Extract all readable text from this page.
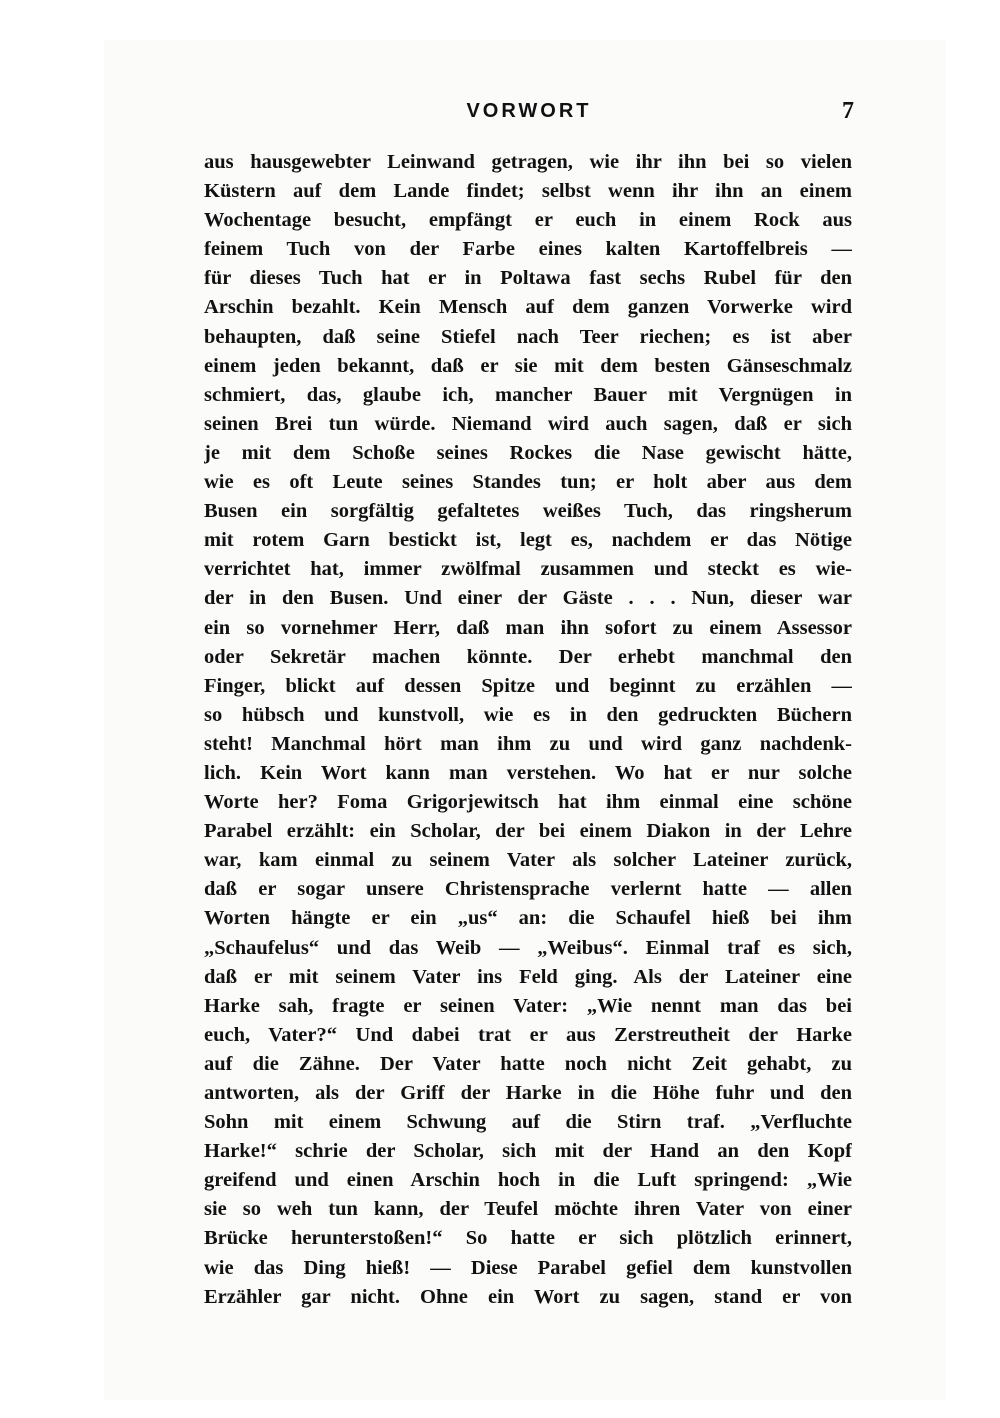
VORWORT	7
aus hausgewebter Leinwand getragen, wie ihr ihn bei so vielen
Küstern auf dem Lande findet; selbst wenn ihr ihn an einem
Wochentage besucht, empfängt er euch in einem Rock aus
feinem Tuch von der Farbe eines kalten Kartoffelbreis —
für dieses Tuch hat er in Poltawa fast sechs Rubel für den
Arschin bezahlt. Kein Mensch auf dem ganzen Vorwerke wird
behaupten, daß seine Stiefel nach Teer riechen; es ist aber
einem jeden bekannt, daß er sie mit dem besten Gänseschmalz
schmiert, das, glaube ich, mancher Bauer mit Vergnügen in
seinen Brei tun würde. Niemand wird auch sagen, daß er sich
je mit dem Schoße seines Rockes die Nase gewischt hätte,
wie es oft Leute seines Standes tun; er holt aber aus dem
Busen ein sorgfältig gefaltetes weißes Tuch, das ringsherum
mit rotem Garn bestickt ist, legt es, nachdem er das Nötige
verrichtet hat, immer zwölfmal zusammen und steckt es wie-
der in den Busen. Und einer der Gäste . . . Nun, dieser war
ein so vornehmer Herr, daß man ihn sofort zu einem Assessor
oder Sekretär machen könnte. Der erhebt manchmal den
Finger, blickt auf dessen Spitze und beginnt zu erzählen —
so hübsch und kunstvoll, wie es in den gedruckten Büchern
steht! Manchmal hört man ihm zu und wird ganz nachdenk-
lich. Kein Wort kann man verstehen. Wo hat er nur solche
Worte her? Foma Grigorjewitsch hat ihm einmal eine schöne
Parabel erzählt: ein Scholar, der bei einem Diakon in der Lehre
war, kam einmal zu seinem Vater als solcher Lateiner zurück,
daß er sogar unsere Christensprache verlernt hatte — allen
Worten hängte er ein „us“ an: die Schaufel hieß bei ihm
„Schaufelus“ und das Weib — „Weibus“. Einmal traf es sich,
daß er mit seinem Vater ins Feld ging. Als der Lateiner eine
Harke sah, fragte er seinen Vater: „Wie nennt man das bei
euch, Vater?“ Und dabei trat er aus Zerstreutheit der Harke
auf die Zähne. Der Vater hatte noch nicht Zeit gehabt, zu
antworten, als der Griff der Harke in die Höhe fuhr und den
Sohn mit einem Schwung auf die Stirn traf. „Verfluchte
Harke!“ schrie der Scholar, sich mit der Hand an den Kopf
greifend und einen Arschin hoch in die Luft springend: „Wie
sie so weh tun kann, der Teufel möchte ihren Vater von einer
Brücke herunterstoßen!“ So hatte er sich plötzlich erinnert,
wie das Ding hieß! — Diese Parabel gefiel dem kunstvollen
Erzähler gar nicht. Ohne ein Wort zu sagen, stand er von
